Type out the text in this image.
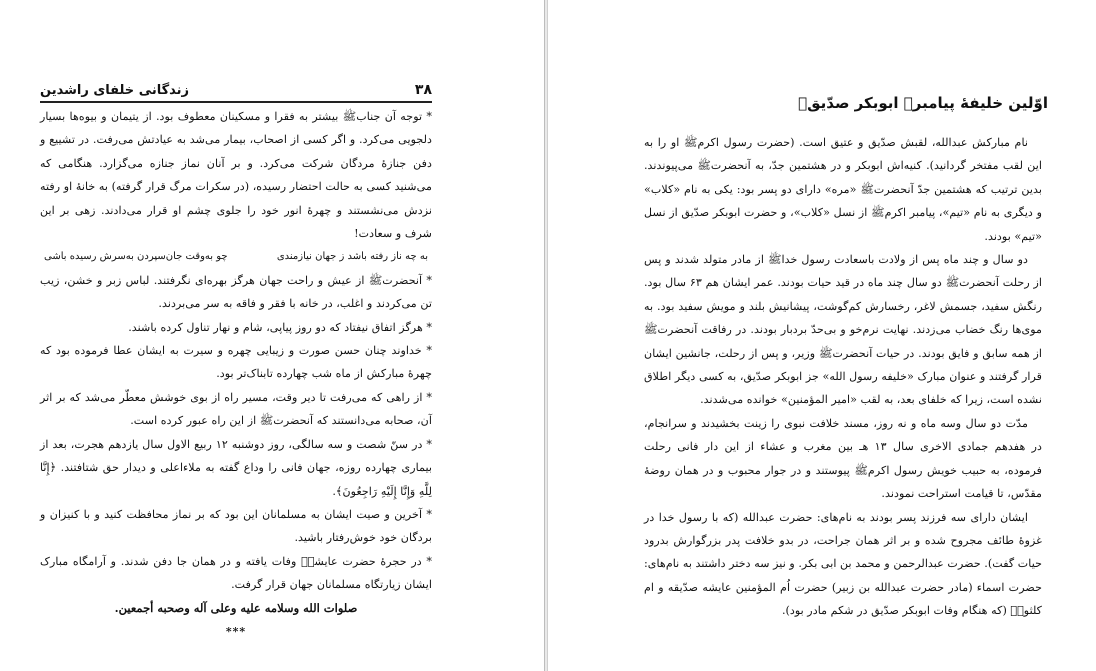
۳۸
زندگانی خلفای راشدین

* توجه آن جنابﷺ بیشتر به فقرا و مسکینان معطوف بود. از یتیمان و بیوه‌ها بسیار دلجویی می‌کرد. و اگر کسی از اصحاب، بیمار می‌شد به عیادتش می‌رفت. در تشییع و دفن جنازهٔ مردگان شرکت می‌کرد. و بر آنان نماز جنازه می‌گزارد. هنگامی که می‌شنید کسی به حالت احتضار رسیده، (در سکرات مرگ قرار گرفته) به خانهٔ او رفته نزدش می‌نشستند و چهرهٔ انور خود را جلوی چشم او قرار می‌دادند. زهی بر این شرف و سعادت!

به چه ناز رفته باشد ز جهان نیازمندی
چو به‌وقت جان‌سپردن به‌سرش رسیده باشی

* آنحضرتﷺ از عیش و راحت جهان هرگز بهره‌ای نگرفتند. لباس زبر و خشن، زیب تن می‌کردند و اغلب، در خانه با فقر و فاقه به سر می‌بردند.

* هرگز اتفاق نیفتاد که دو روز پیاپی، شام و نهار تناول کرده باشند.

* خداوند چنان حسن صورت و زیبایی چهره و سیرت به ایشان عطا فرموده بود که چهرهٔ مبارکش از ماه شب چهارده تابناک‌تر بود.

* از راهی که می‌رفت تا دیر وقت، مسیر راه از بوی خوشش معطّر می‌شد که بر اثر آن، صحابه می‌دانستند که آنحضرتﷺ از این راه عبور کرده است.

* در سنّ شصت و سه سالگی، روز دوشنبه ۱۲ ربیع الاول سال یازدهم هجرت، بعد از بیماری چهارده روزه، جهان فانی را وداع گفته به ملاءاعلی و دیدار حق شتافتند. ﴿إِنَّا لِلَّهِ وَإِنَّا إِلَيْهِ رَاجِعُونَ﴾.

* آخرین و صیت ایشان به مسلمانان این بود که بر نماز محافظت کنید و با کنیزان و بردگان خود خوش‌رفتار باشید.

* در حجرهٔ حضرت عایشهؓ وفات یافته و در همان جا دفن شدند. و آرامگاه مبارک ایشان زیارتگاه مسلمانان جهان قرار گرفت.

صلوات الله وسلامه علیه وعلی آله وصحبه أجمعین.

***

اوّلین خلیفهٔ پیامبرﷺ ابوبکر صدّیقؓ

نام مبارکش عبدالله، لقبش صدّیق و عتیق است. (حضرت رسول اکرمﷺ او را به این لقب مفتخر گردانید). کنیه‌اش ابوبکر و در هشتمین جدّ، به آنحضرتﷺ می‌پیوندند. بدین ترتیب که هشتمین جدّ آنحضرتﷺ «مره» دارای دو پسر بود: یکی به نام «کلاب» و دیگری به نام «تیم»، پیامبر اکرمﷺ از نسل «کلاب»، و حضرت ابوبکر صدّیق از نسل «تیم» بودند.

دو سال و چند ماه پس از ولادت باسعادت رسول خداﷺ از مادر متولد شدند و پس از رحلت آنحضرتﷺ دو سال چند ماه در قید حیات بودند. عمر ایشان هم ۶۳ سال بود. رنگش سفید، جسمش لاغر، رخسارش کم‌گوشت، پیشانیش بلند و مویش سفید بود. به موی‌ها رنگ خضاب می‌زدند. نهایت نرم‌خو و بی‌حدّ بردبار بودند. در رفاقت آنحضرتﷺ از همه سابق و فایق بودند. در حیات آنحضرتﷺ وزیر، و پس از رحلت، جانشین ایشان قرار گرفتند و عنوان مبارک «خلیفه رسول الله» جز ابوبکر صدّیق، به کسی دیگر اطلاق نشده است، زیرا که خلفای بعد، به لقب «امیر المؤمنین» خوانده می‌شدند.

مدّت دو سال وسه ماه و نه روز، مسند خلافت نبوی را زینت بخشیدند و سرانجام، در هفدهم جمادی الاخری سال ۱۳ هـ بین مغرب و عشاء از این دار فانی رحلت فرموده، به حبیب خویش رسول اکرمﷺ پیوستند و در جوار محبوب و در همان روضهٔ مقدّس، تا قیامت استراحت نمودند.

ایشان دارای سه فرزند پسر بودند به نام‌های: حضرت عبدالله (که با رسول خدا در غزوهٔ طائف مجروح شده و بر اثر همان جراحت، در بدو خلافت پدر بزرگوارش بدرود حیات گفت). حضرت عبدالرحمن و محمد بن ابی بکر. و نیز سه دختر داشتند به نام‌های: حضرت اسماء (مادر حضرت عبدالله بن زبیر) حضرت اُم المؤمنین عایشه صدّیقه و ام کلثومؓ (که هنگام وفات ابوبکر صدّیق در شکم مادر بود).
